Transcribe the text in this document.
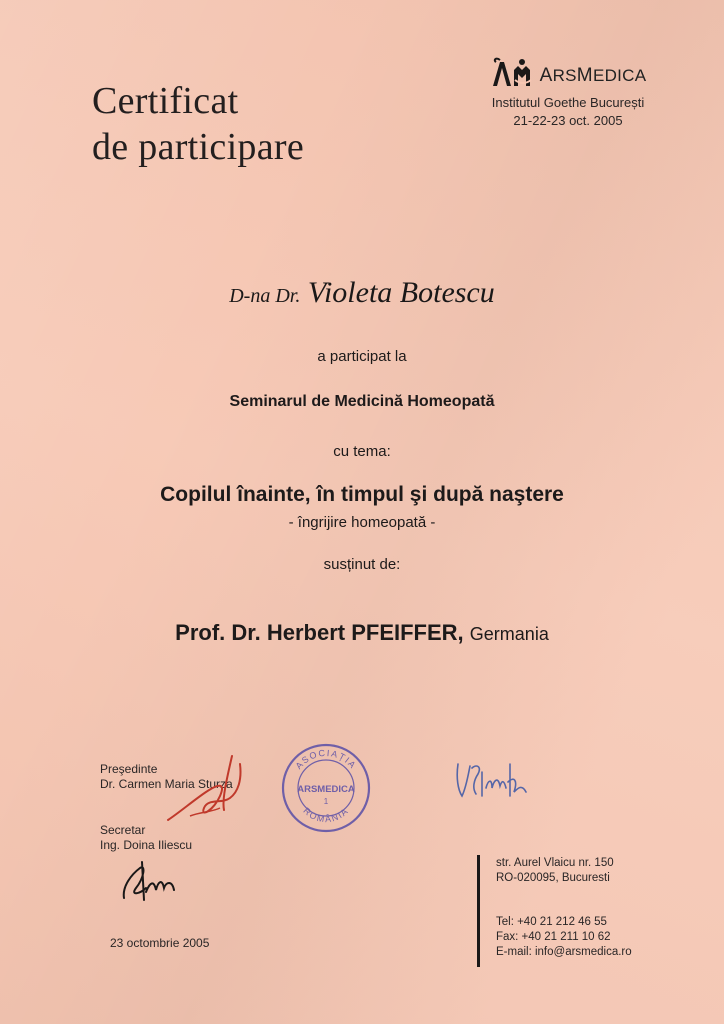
Certificat
de participare
ARSMEDICA
Institutul Goethe București
21-22-23 oct. 2005
D-na Dr. Violeta Botescu
a participat la
Seminarul de Medicină Homeopată
cu tema:
Copilul înainte, în timpul şi după naştere
- îngrijire homeopată -
susținut de:
Prof. Dr. Herbert PFEIFFER, Germania
Preşedinte
Dr. Carmen Maria Sturza
Secretar
Ing. Doina Iliescu
ASOCIAȚIA
ROMÂNIA
ARSMEDICA
1
23 octombrie 2005
str. Aurel Vlaicu nr. 150
RO-020095, Bucuresti
Tel: +40 21 212 46 55
Fax: +40 21 211 10 62
E-mail: info@arsmedica.ro
